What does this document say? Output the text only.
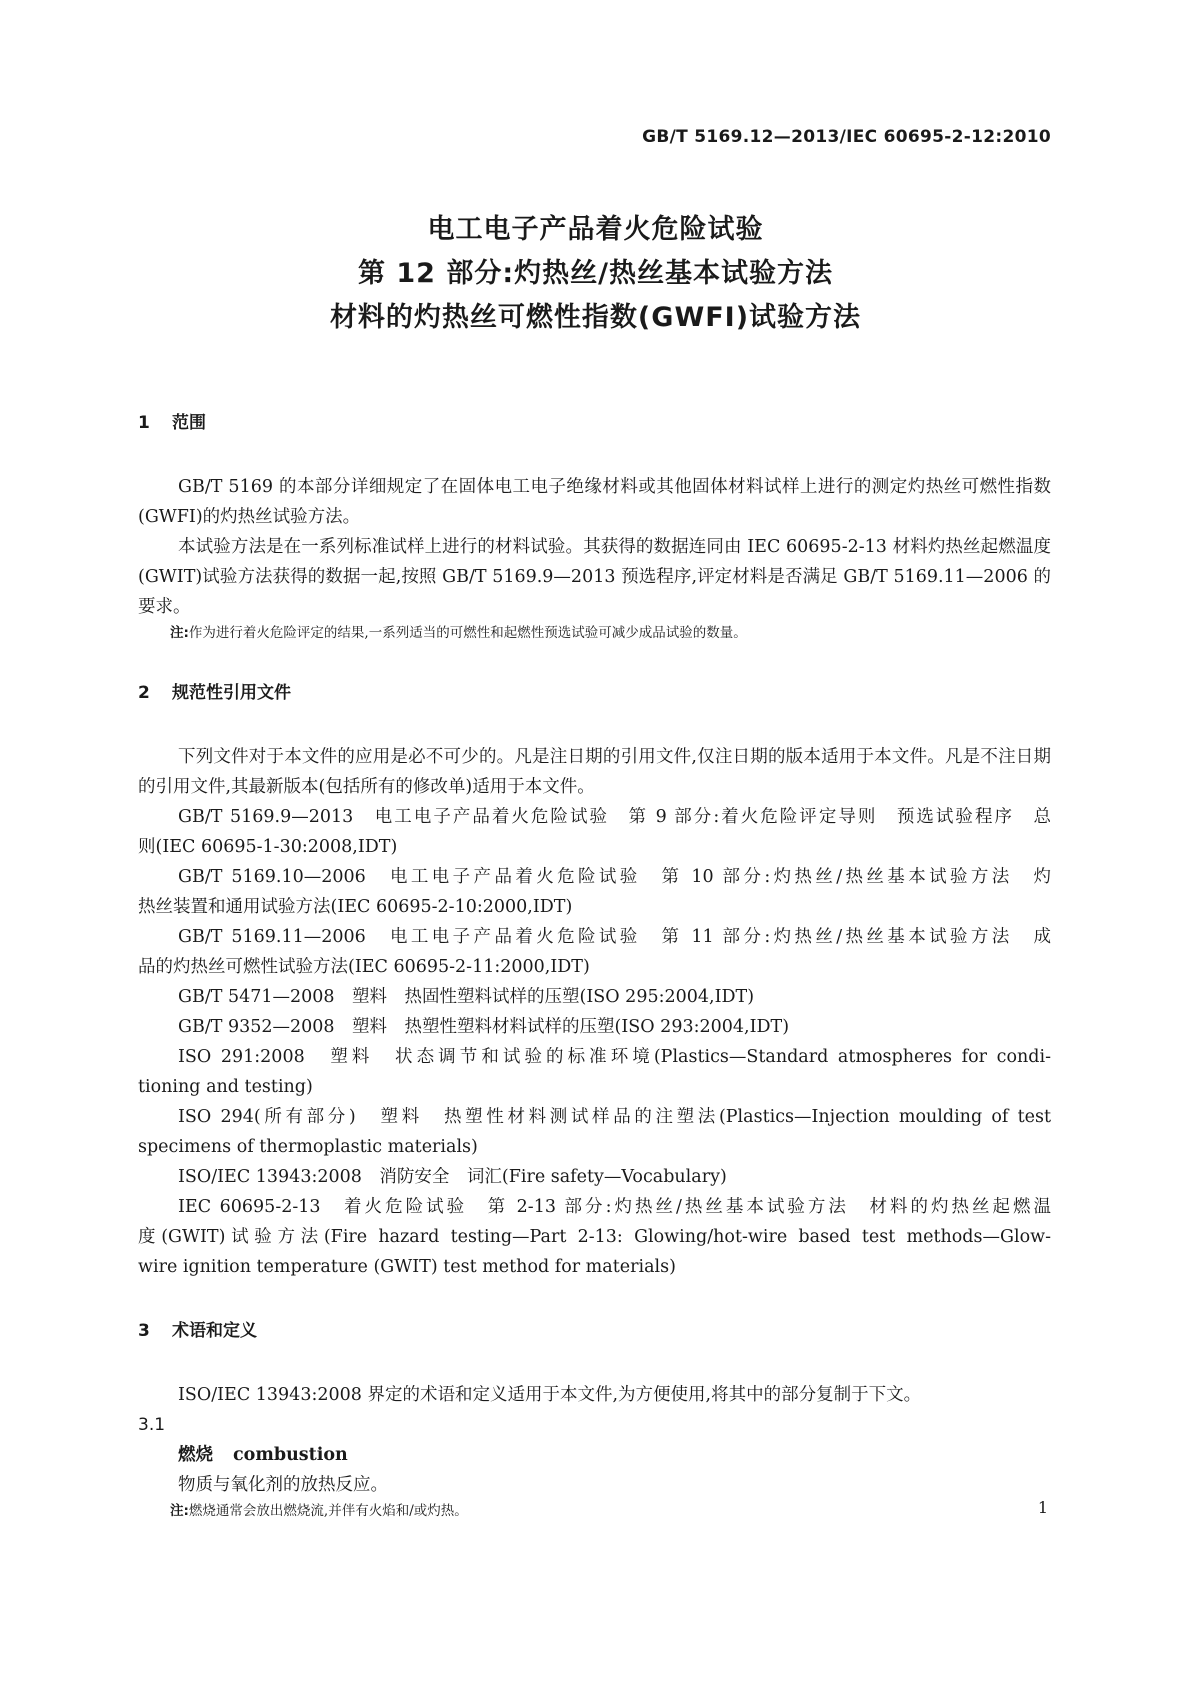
GB/T 5169.12—2013/IEC 60695-2-12:2010
电工电子产品着火危险试验
第 12 部分:灼热丝/热丝基本试验方法
材料的灼热丝可燃性指数(GWFI)试验方法
1 范围

GB/T 5169 的本部分详细规定了在固体电工电子绝缘材料或其他固体材料试样上进行的测定灼热丝可燃性指数(GWFI)的灼热丝试验方法。

本试验方法是在一系列标准试样上进行的材料试验。其获得的数据连同由 IEC 60695-2-13 材料灼热丝起燃温度(GWIT)试验方法获得的数据一起,按照 GB/T 5169.9—2013 预选程序,评定材料是否满足 GB/T 5169.11—2006 的要求。

注:作为进行着火危险评定的结果,一系列适当的可燃性和起燃性预选试验可减少成品试验的数量。
2 规范性引用文件

下列文件对于本文件的应用是必不可少的。凡是注日期的引用文件,仅注日期的版本适用于本文件。凡是不注日期的引用文件,其最新版本(包括所有的修改单)适用于本文件。

GB/T 5169.9—2013　电工电子产品着火危险试验　第 9 部分:着火危险评定导则　预选试验程序　总

则(IEC 60695-1-30:2008,IDT)

GB/T 5169.10—2006　电工电子产品着火危险试验　第 10 部分:灼热丝/热丝基本试验方法　灼

热丝装置和通用试验方法(IEC 60695-2-10:2000,IDT)

GB/T 5169.11—2006　电工电子产品着火危险试验　第 11 部分:灼热丝/热丝基本试验方法　成

品的灼热丝可燃性试验方法(IEC 60695-2-11:2000,IDT)

GB/T 5471—2008　塑料　热固性塑料试样的压塑(ISO 295:2004,IDT)

GB/T 9352—2008　塑料　热塑性塑料材料试样的压塑(ISO 293:2004,IDT)

ISO 291:2008　塑料　状态调节和试验的标准环境(Plastics—Standard atmospheres for condi-

tioning and testing)

ISO 294(所有部分)　塑料　热塑性材料测试样品的注塑法(Plastics—Injection moulding of test

specimens of thermoplastic materials)

ISO/IEC 13943:2008　消防安全　词汇(Fire safety—Vocabulary)

IEC 60695-2-13　着火危险试验　第 2-13 部分:灼热丝/热丝基本试验方法　材料的灼热丝起燃温

度(GWIT)试验方法(Fire hazard testing—Part 2-13: Glowing/hot-wire based test methods—Glow-

wire ignition temperature (GWIT) test method for materials)

3 术语和定义

ISO/IEC 13943:2008 界定的术语和定义适用于本文件,为方便使用,将其中的部分复制于下文。

3.1
燃烧 combustion
物质与氧化剂的放热反应。
注:燃烧通常会放出燃烧流,并伴有火焰和/或灼热。	1
